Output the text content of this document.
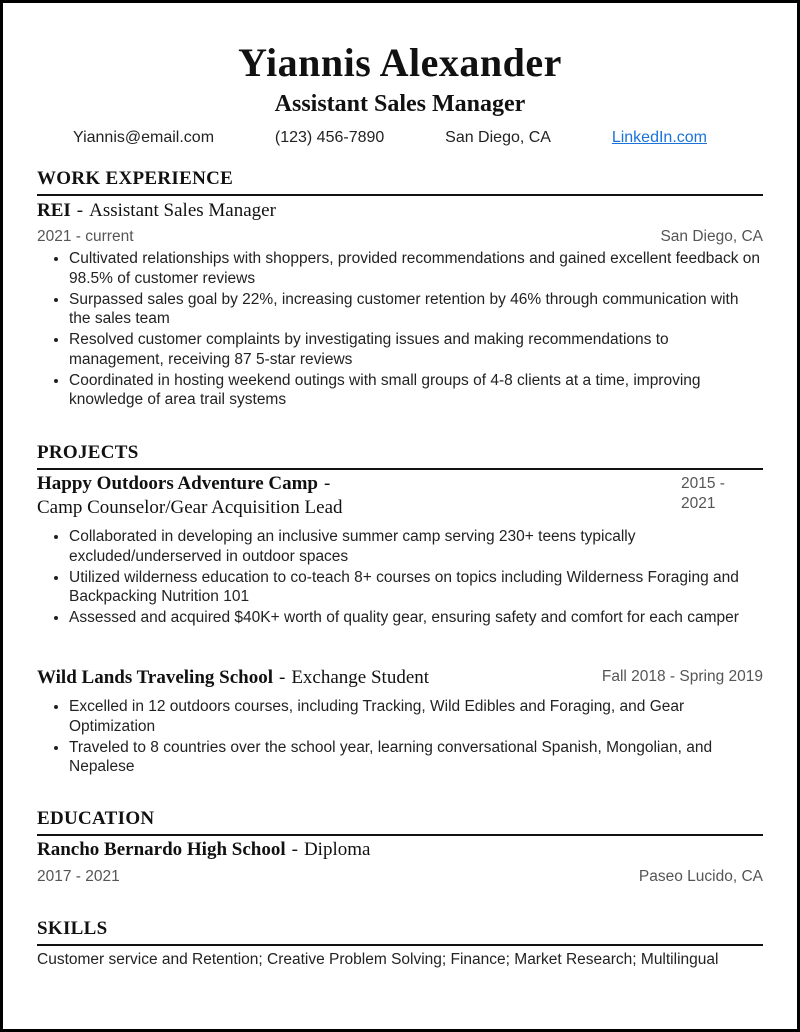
Yiannis Alexander
Assistant Sales Manager
Yiannis@email.com	(123) 456-7890	San Diego, CA	LinkedIn.com
WORK EXPERIENCE
REI - Assistant Sales Manager
2021 - current	San Diego, CA
• Cultivated relationships with shoppers, provided recommendations and gained excellent feedback on 98.5% of customer reviews
• Surpassed sales goal by 22%, increasing customer retention by 46% through communication with the sales team
• Resolved customer complaints by investigating issues and making recommendations to management, receiving 87 5-star reviews
• Coordinated in hosting weekend outings with small groups of 4-8 clients at a time, improving knowledge of area trail systems
PROJECTS
Happy Outdoors Adventure Camp -
Camp Counselor/Gear Acquisition Lead
2015 -
2021
• Collaborated in developing an inclusive summer camp serving 230+ teens typically excluded/underserved in outdoor spaces
• Utilized wilderness education to co-teach 8+ courses on topics including Wilderness Foraging and Backpacking Nutrition 101
• Assessed and acquired $40K+ worth of quality gear, ensuring safety and comfort for each camper
Wild Lands Traveling School - Exchange Student	Fall 2018 - Spring 2019
• Excelled in 12 outdoors courses, including Tracking, Wild Edibles and Foraging, and Gear Optimization
• Traveled to 8 countries over the school year, learning conversational Spanish, Mongolian, and Nepalese
EDUCATION
Rancho Bernardo High School - Diploma
2017 - 2021	Paseo Lucido, CA
SKILLS
Customer service and Retention; Creative Problem Solving; Finance; Market Research; Multilingual
